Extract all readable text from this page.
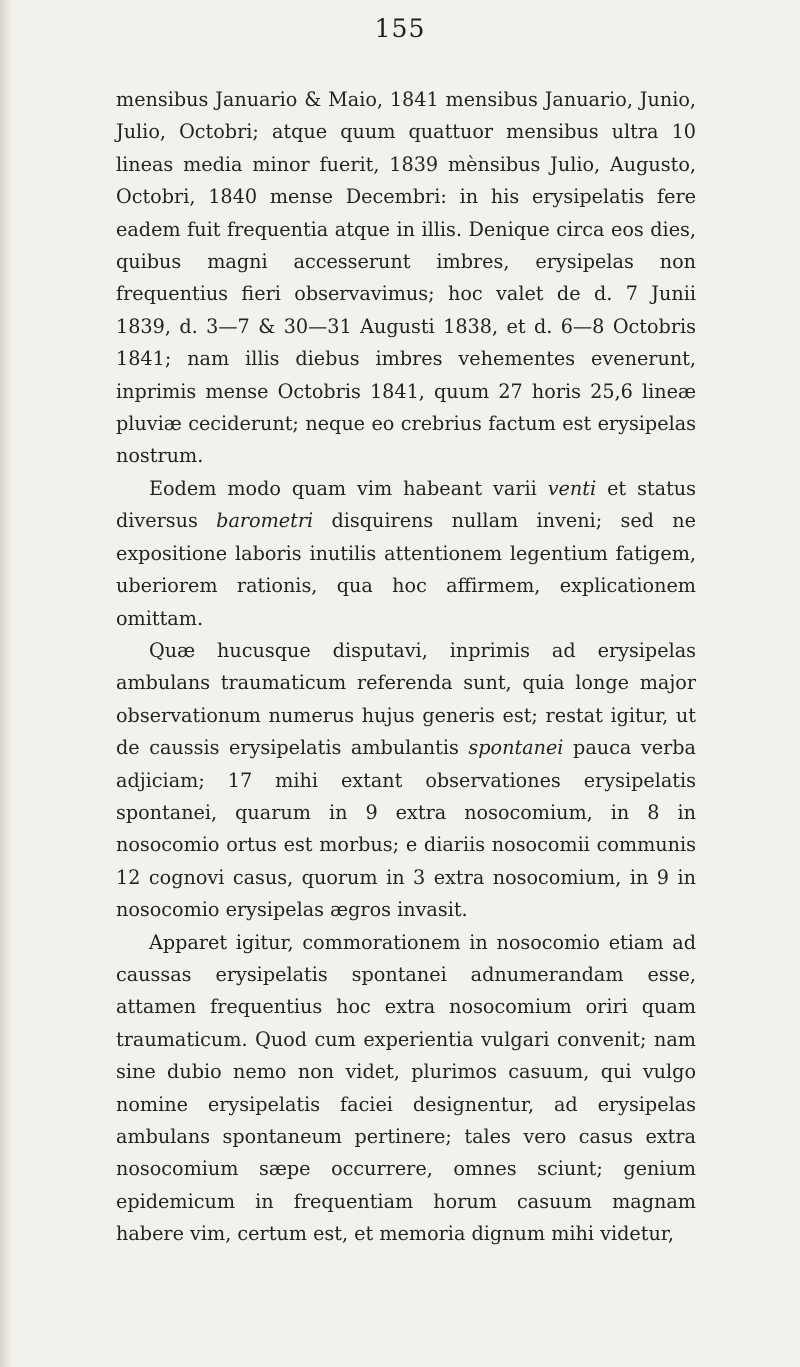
155

mensibus Januario & Maio, 1841 mensibus Januario, Junio, Julio, Octobri; atque quum quattuor mensibus ultra 10 lineas media minor fuerit, 1839 mènsibus Julio, Augusto, Octobri, 1840 mense Decembri: in his erysipelatis fere eadem fuit frequentia atque in illis. Denique circa eos dies, quibus magni accesserunt imbres, erysipelas non frequentius fieri observavimus; hoc valet de d. 7 Junii 1839, d. 3—7 & 30—31 Augusti 1838, et d. 6—8 Octobris 1841; nam illis diebus imbres vehementes evenerunt, inprimis mense Octobris 1841, quum 27 horis 25,6 lineæ pluviæ ceciderunt; neque eo crebrius factum est erysipelas nostrum.

Eodem modo quam vim habeant varii venti et status diversus barometri disquirens nullam inveni; sed ne expositione laboris inutilis attentionem legentium fatigem, uberiorem rationis, qua hoc affirmem, explicationem omittam.

Quæ hucusque disputavi, inprimis ad erysipelas ambulans traumaticum referenda sunt, quia longe major observationum numerus hujus generis est; restat igitur, ut de caussis erysipelatis ambulantis spontanei pauca verba adjiciam; 17 mihi extant observationes erysipelatis spontanei, quarum in 9 extra nosocomium, in 8 in nosocomio ortus est morbus; e diariis nosocomii communis 12 cognovi casus, quorum in 3 extra nosocomium, in 9 in nosocomio erysipelas ægros invasit.

Apparet igitur, commorationem in nosocomio etiam ad caussas erysipelatis spontanei adnumerandam esse, attamen frequentius hoc extra nosocomium oriri quam traumaticum. Quod cum experientia vulgari convenit; nam sine dubio nemo non videt, plurimos casuum, qui vulgo nomine erysipelatis faciei designentur, ad erysipelas ambulans spontaneum pertinere; tales vero casus extra nosocomium sæpe occurrere, omnes sciunt; genium epidemicum in frequentiam horum casuum magnam habere vim, certum est, et memoria dignum mihi videtur,
